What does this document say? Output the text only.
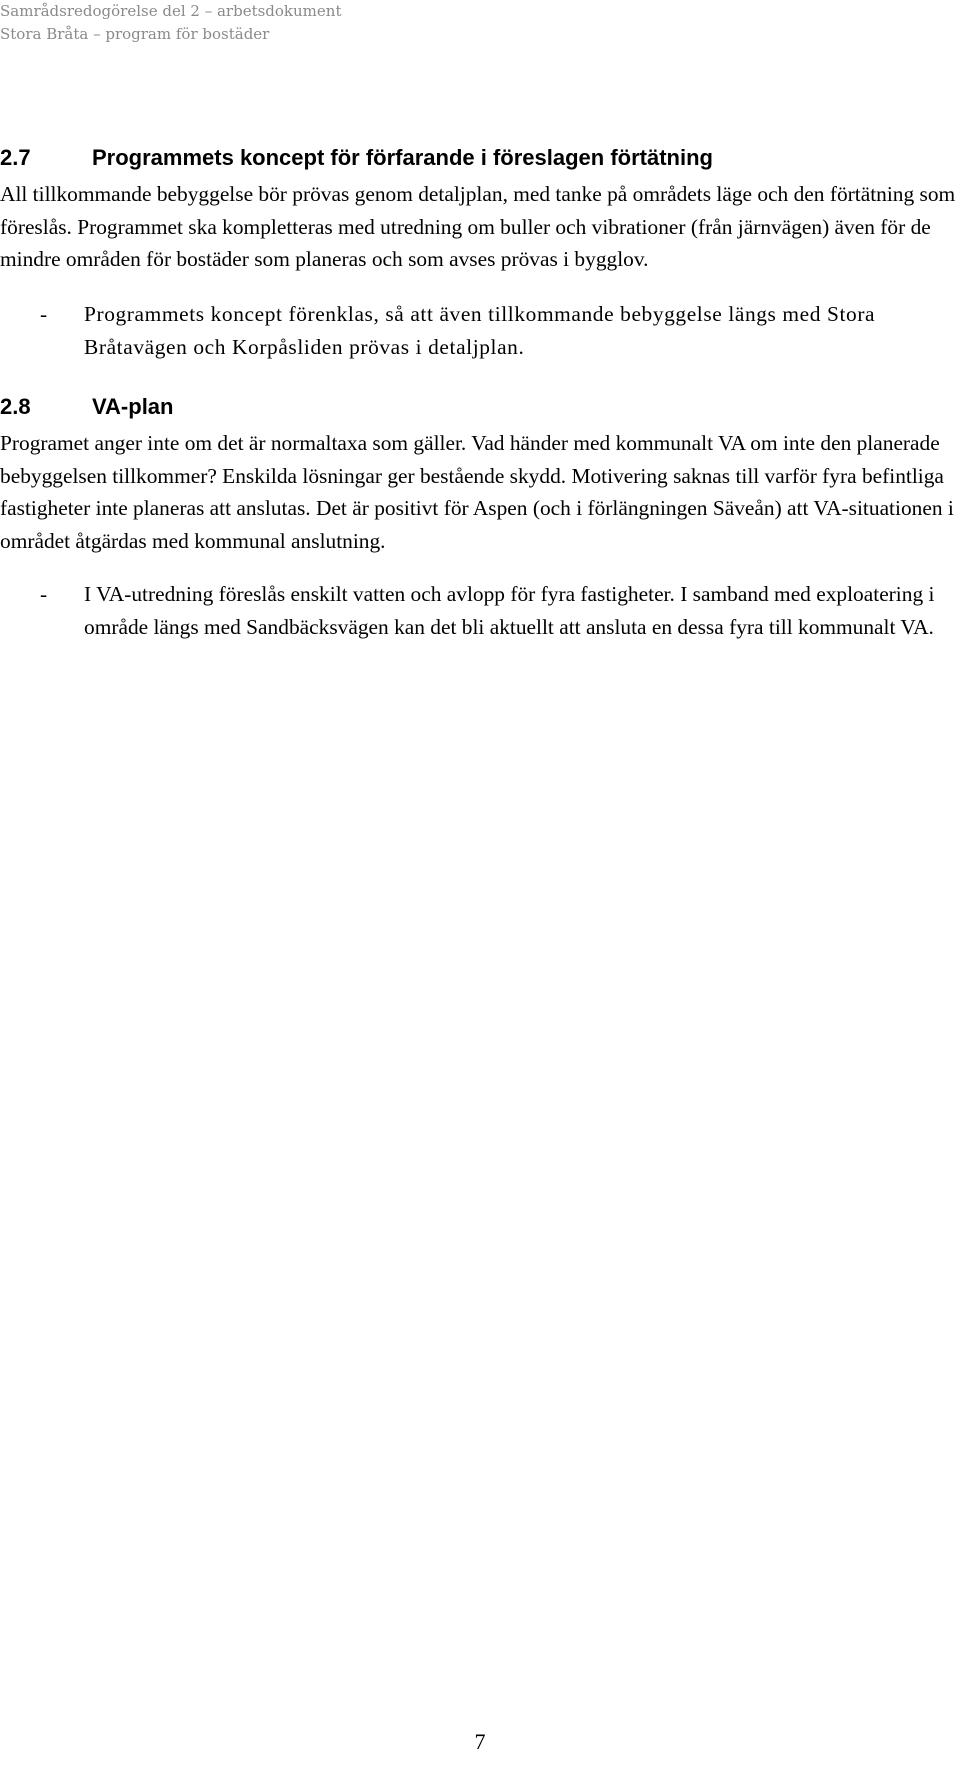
Samrådsredogörelse del 2 – arbetsdokument
Stora Bråta – program för bostäder
2.7	Programmets koncept för förfarande i föreslagen förtätning

All tillkommande bebyggelse bör prövas genom detaljplan, med tanke på områdets läge och den förtätning som föreslås. Programmet ska kompletteras med utredning om buller och vibrationer (från järnvägen) även för de mindre områden för bostäder som planeras och som avses prövas i bygglov.

- Programmets koncept förenklas, så att även tillkommande bebyggelse längs med Stora Bråtavägen och Korpåsliden prövas i detaljplan.
2.8	VA-plan

Programet anger inte om det är normaltaxa som gäller. Vad händer med kommunalt VA om inte den planerade bebyggelsen tillkommer? Enskilda lösningar ger bestående skydd. Motivering saknas till varför fyra befintliga fastigheter inte planeras att anslutas. Det är positivt för Aspen (och i förlängningen Säveån) att VA-situationen i området åtgärdas med kommunal anslutning.

- I VA-utredning föreslås enskilt vatten och avlopp för fyra fastigheter. I samband med exploatering i område längs med Sandbäcksvägen kan det bli aktuellt att ansluta en dessa fyra till kommunalt VA.
7
